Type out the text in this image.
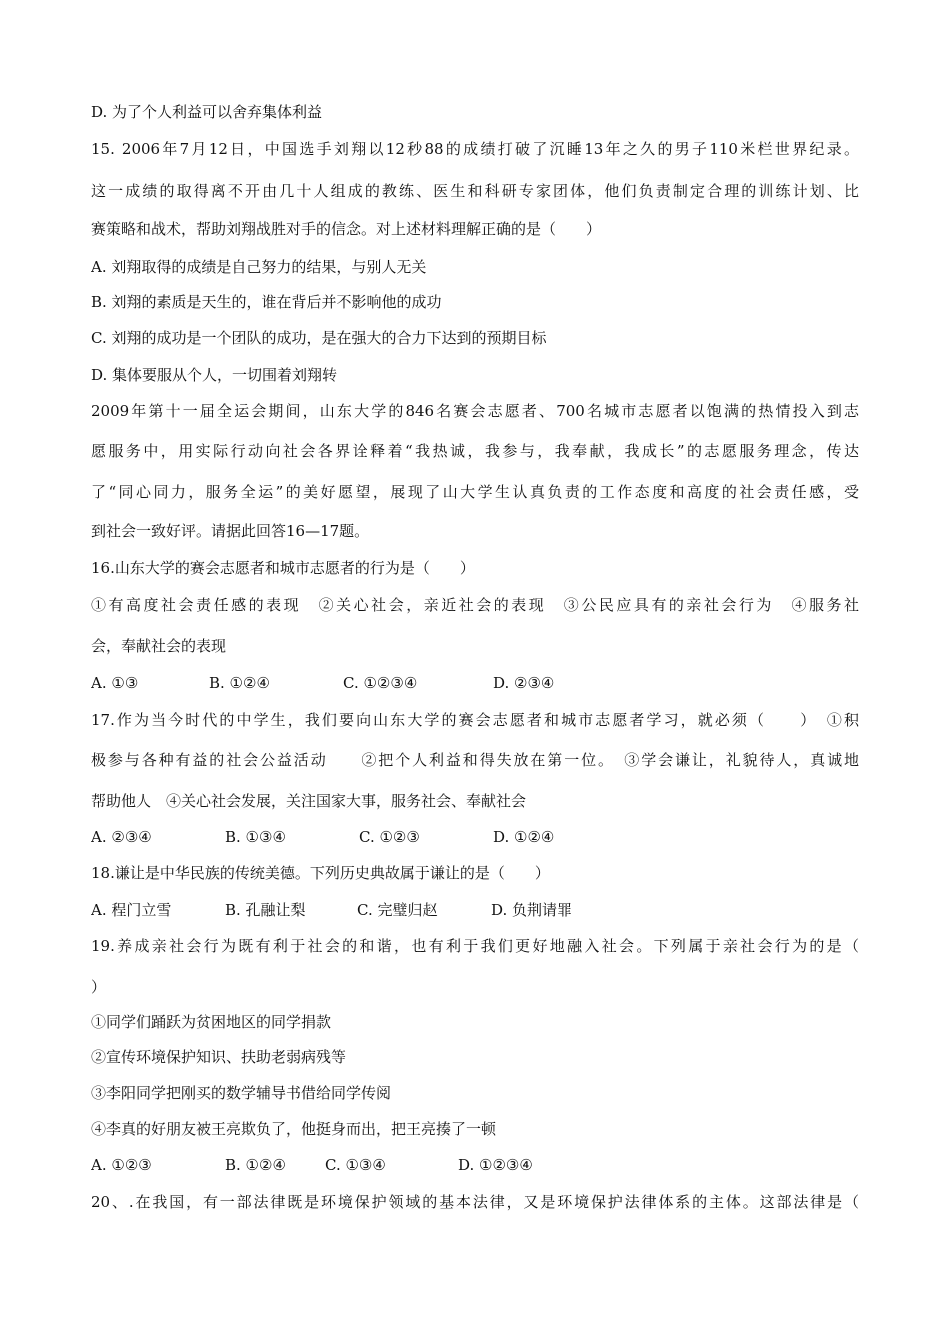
D. 为了个人利益可以舍弃集体利益
15. 2006年7月12日，中国选手刘翔以12秒88的成绩打破了沉睡13年之久的男子110米栏世界纪录。
这一成绩的取得离不开由几十人组成的教练、医生和科研专家团体，他们负责制定合理的训练计划、比
赛策略和战术，帮助刘翔战胜对手的信念。对上述材料理解正确的是（　　）
A. 刘翔取得的成绩是自己努力的结果，与别人无关
B. 刘翔的素质是天生的，谁在背后并不影响他的成功
C. 刘翔的成功是一个团队的成功，是在强大的合力下达到的预期目标
D. 集体要服从个人，一切围着刘翔转
2009年第十一届全运会期间，山东大学的846名赛会志愿者、700名城市志愿者以饱满的热情投入到志
愿服务中，用实际行动向社会各界诠释着“我热诚，我参与，我奉献，我成长”的志愿服务理念，传达
了“同心同力，服务全运”的美好愿望，展现了山大学生认真负责的工作态度和高度的社会责任感，受
到社会一致好评。请据此回答16—17题。
16.山东大学的赛会志愿者和城市志愿者的行为是（　　）
①有高度社会责任感的表现　②关心社会，亲近社会的表现　③公民应具有的亲社会行为　④服务社
会，奉献社会的表现
A. ①③	B. ①②④	C. ①②③④	D. ②③④
17.作为当今时代的中学生，我们要向山东大学的赛会志愿者和城市志愿者学习，就必须（　　）　①积
极参与各种有益的社会公益活动　　②把个人利益和得失放在第一位。　③学会谦让，礼貌待人，真诚地
帮助他人　④关心社会发展，关注国家大事，服务社会、奉献社会
A. ②③④	B. ①③④	C. ①②③	D. ①②④
18.谦让是中华民族的传统美德。下列历史典故属于谦让的是（　　）
A. 程门立雪	B. 孔融让梨	C. 完璧归赵	D. 负荆请罪
19.养成亲社会行为既有利于社会的和谐，也有利于我们更好地融入社会。下列属于亲社会行为的是（
）
①同学们踊跃为贫困地区的同学捐款
②宣传环境保护知识、扶助老弱病残等
③李阳同学把刚买的数学辅导书借给同学传阅
④李真的好朋友被王亮欺负了，他挺身而出，把王亮揍了一顿
A. ①②③	B. ①②④	C. ①③④	D. ①②③④
20、.在我国，有一部法律既是环境保护领域的基本法律，又是环境保护法律体系的主体。这部法律是（
